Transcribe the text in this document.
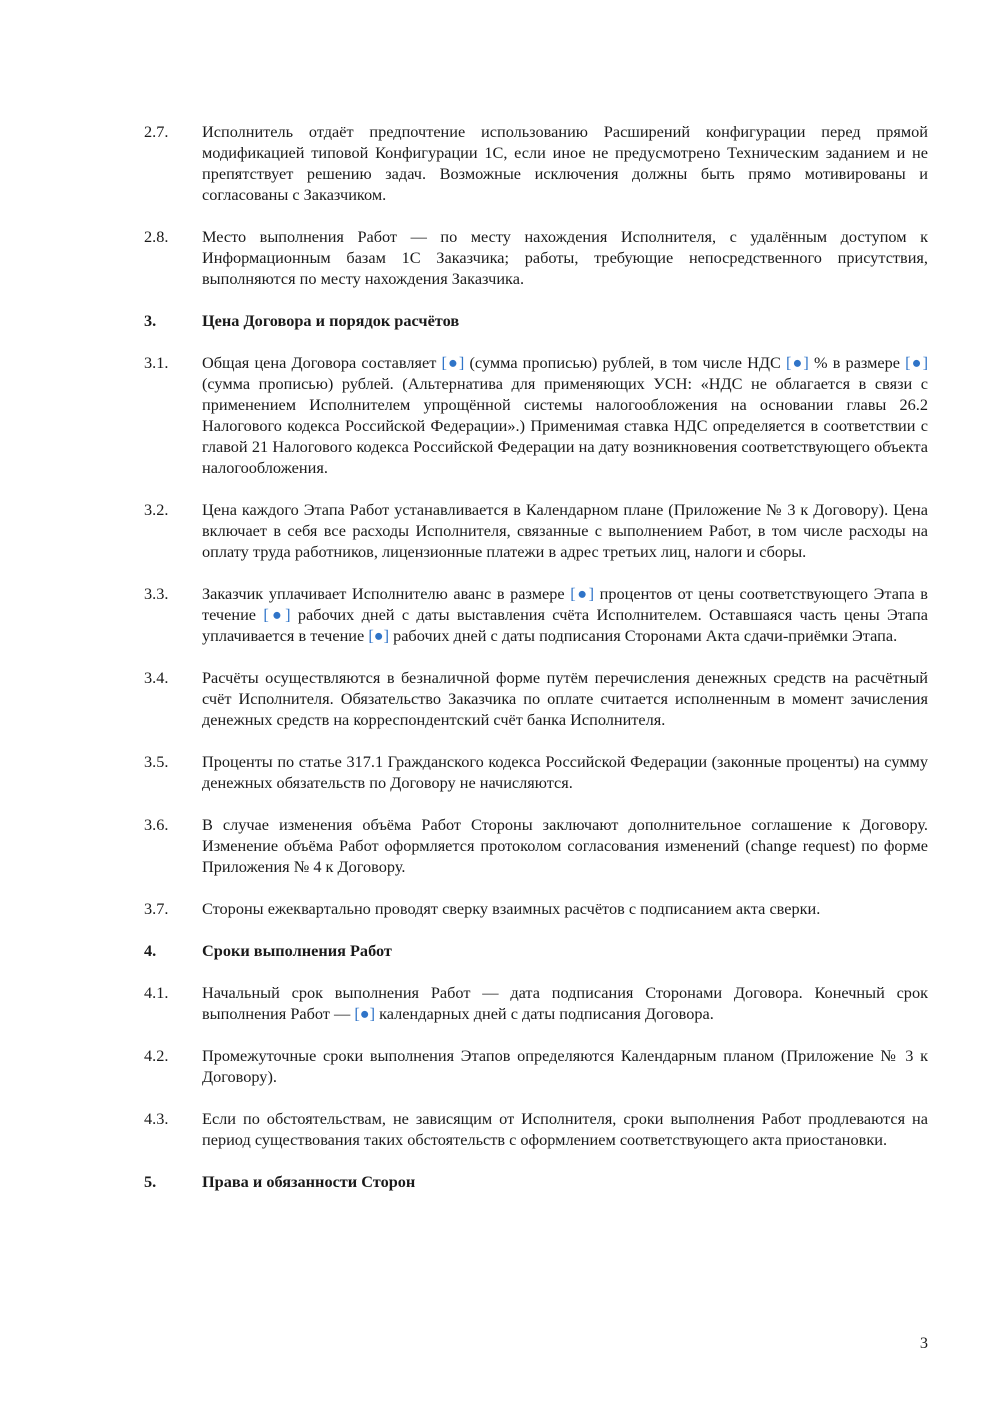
2.7.	Исполнитель отдаёт предпочтение использованию Расширений конфигурации перед прямой модификацией типовой Конфигурации 1С, если иное не предусмотрено Техническим заданием и не препятствует решению задач. Возможные исключения должны быть прямо мотивированы и согласованы с Заказчиком.
2.8.	Место выполнения Работ — по месту нахождения Исполнителя, с удалённым доступом к Информационным базам 1С Заказчика; работы, требующие непосредственного присутствия, выполняются по месту нахождения Заказчика.
3.	Цена Договора и порядок расчётов
3.1.	Общая цена Договора составляет [●] (сумма прописью) рублей, в том числе НДС [●] % в размере [●] (сумма прописью) рублей. (Альтернатива для применяющих УСН: «НДС не облагается в связи с применением Исполнителем упрощённой системы налогообложения на основании главы 26.2 Налогового кодекса Российской Федерации».) Применимая ставка НДС определяется в соответствии с главой 21 Налогового кодекса Российской Федерации на дату возникновения соответствующего объекта налогообложения.
3.2.	Цена каждого Этапа Работ устанавливается в Календарном плане (Приложение № 3 к Договору). Цена включает в себя все расходы Исполнителя, связанные с выполнением Работ, в том числе расходы на оплату труда работников, лицензионные платежи в адрес третьих лиц, налоги и сборы.
3.3.	Заказчик уплачивает Исполнителю аванс в размере [●] процентов от цены соответствующего Этапа в течение [●] рабочих дней с даты выставления счёта Исполнителем. Оставшаяся часть цены Этапа уплачивается в течение [●] рабочих дней с даты подписания Сторонами Акта сдачи-приёмки Этапа.
3.4.	Расчёты осуществляются в безналичной форме путём перечисления денежных средств на расчётный счёт Исполнителя. Обязательство Заказчика по оплате считается исполненным в момент зачисления денежных средств на корреспондентский счёт банка Исполнителя.
3.5.	Проценты по статье 317.1 Гражданского кодекса Российской Федерации (законные проценты) на сумму денежных обязательств по Договору не начисляются.
3.6.	В случае изменения объёма Работ Стороны заключают дополнительное соглашение к Договору. Изменение объёма Работ оформляется протоколом согласования изменений (change request) по форме Приложения № 4 к Договору.
3.7.	Стороны ежеквартально проводят сверку взаимных расчётов с подписанием акта сверки.
4.	Сроки выполнения Работ
4.1.	Начальный срок выполнения Работ — дата подписания Сторонами Договора. Конечный срок выполнения Работ — [●] календарных дней с даты подписания Договора.
4.2.	Промежуточные сроки выполнения Этапов определяются Календарным планом (Приложение № 3 к Договору).
4.3.	Если по обстоятельствам, не зависящим от Исполнителя, сроки выполнения Работ продлеваются на период существования таких обстоятельств с оформлением соответствующего акта приостановки.
5.	Права и обязанности Сторон
3
